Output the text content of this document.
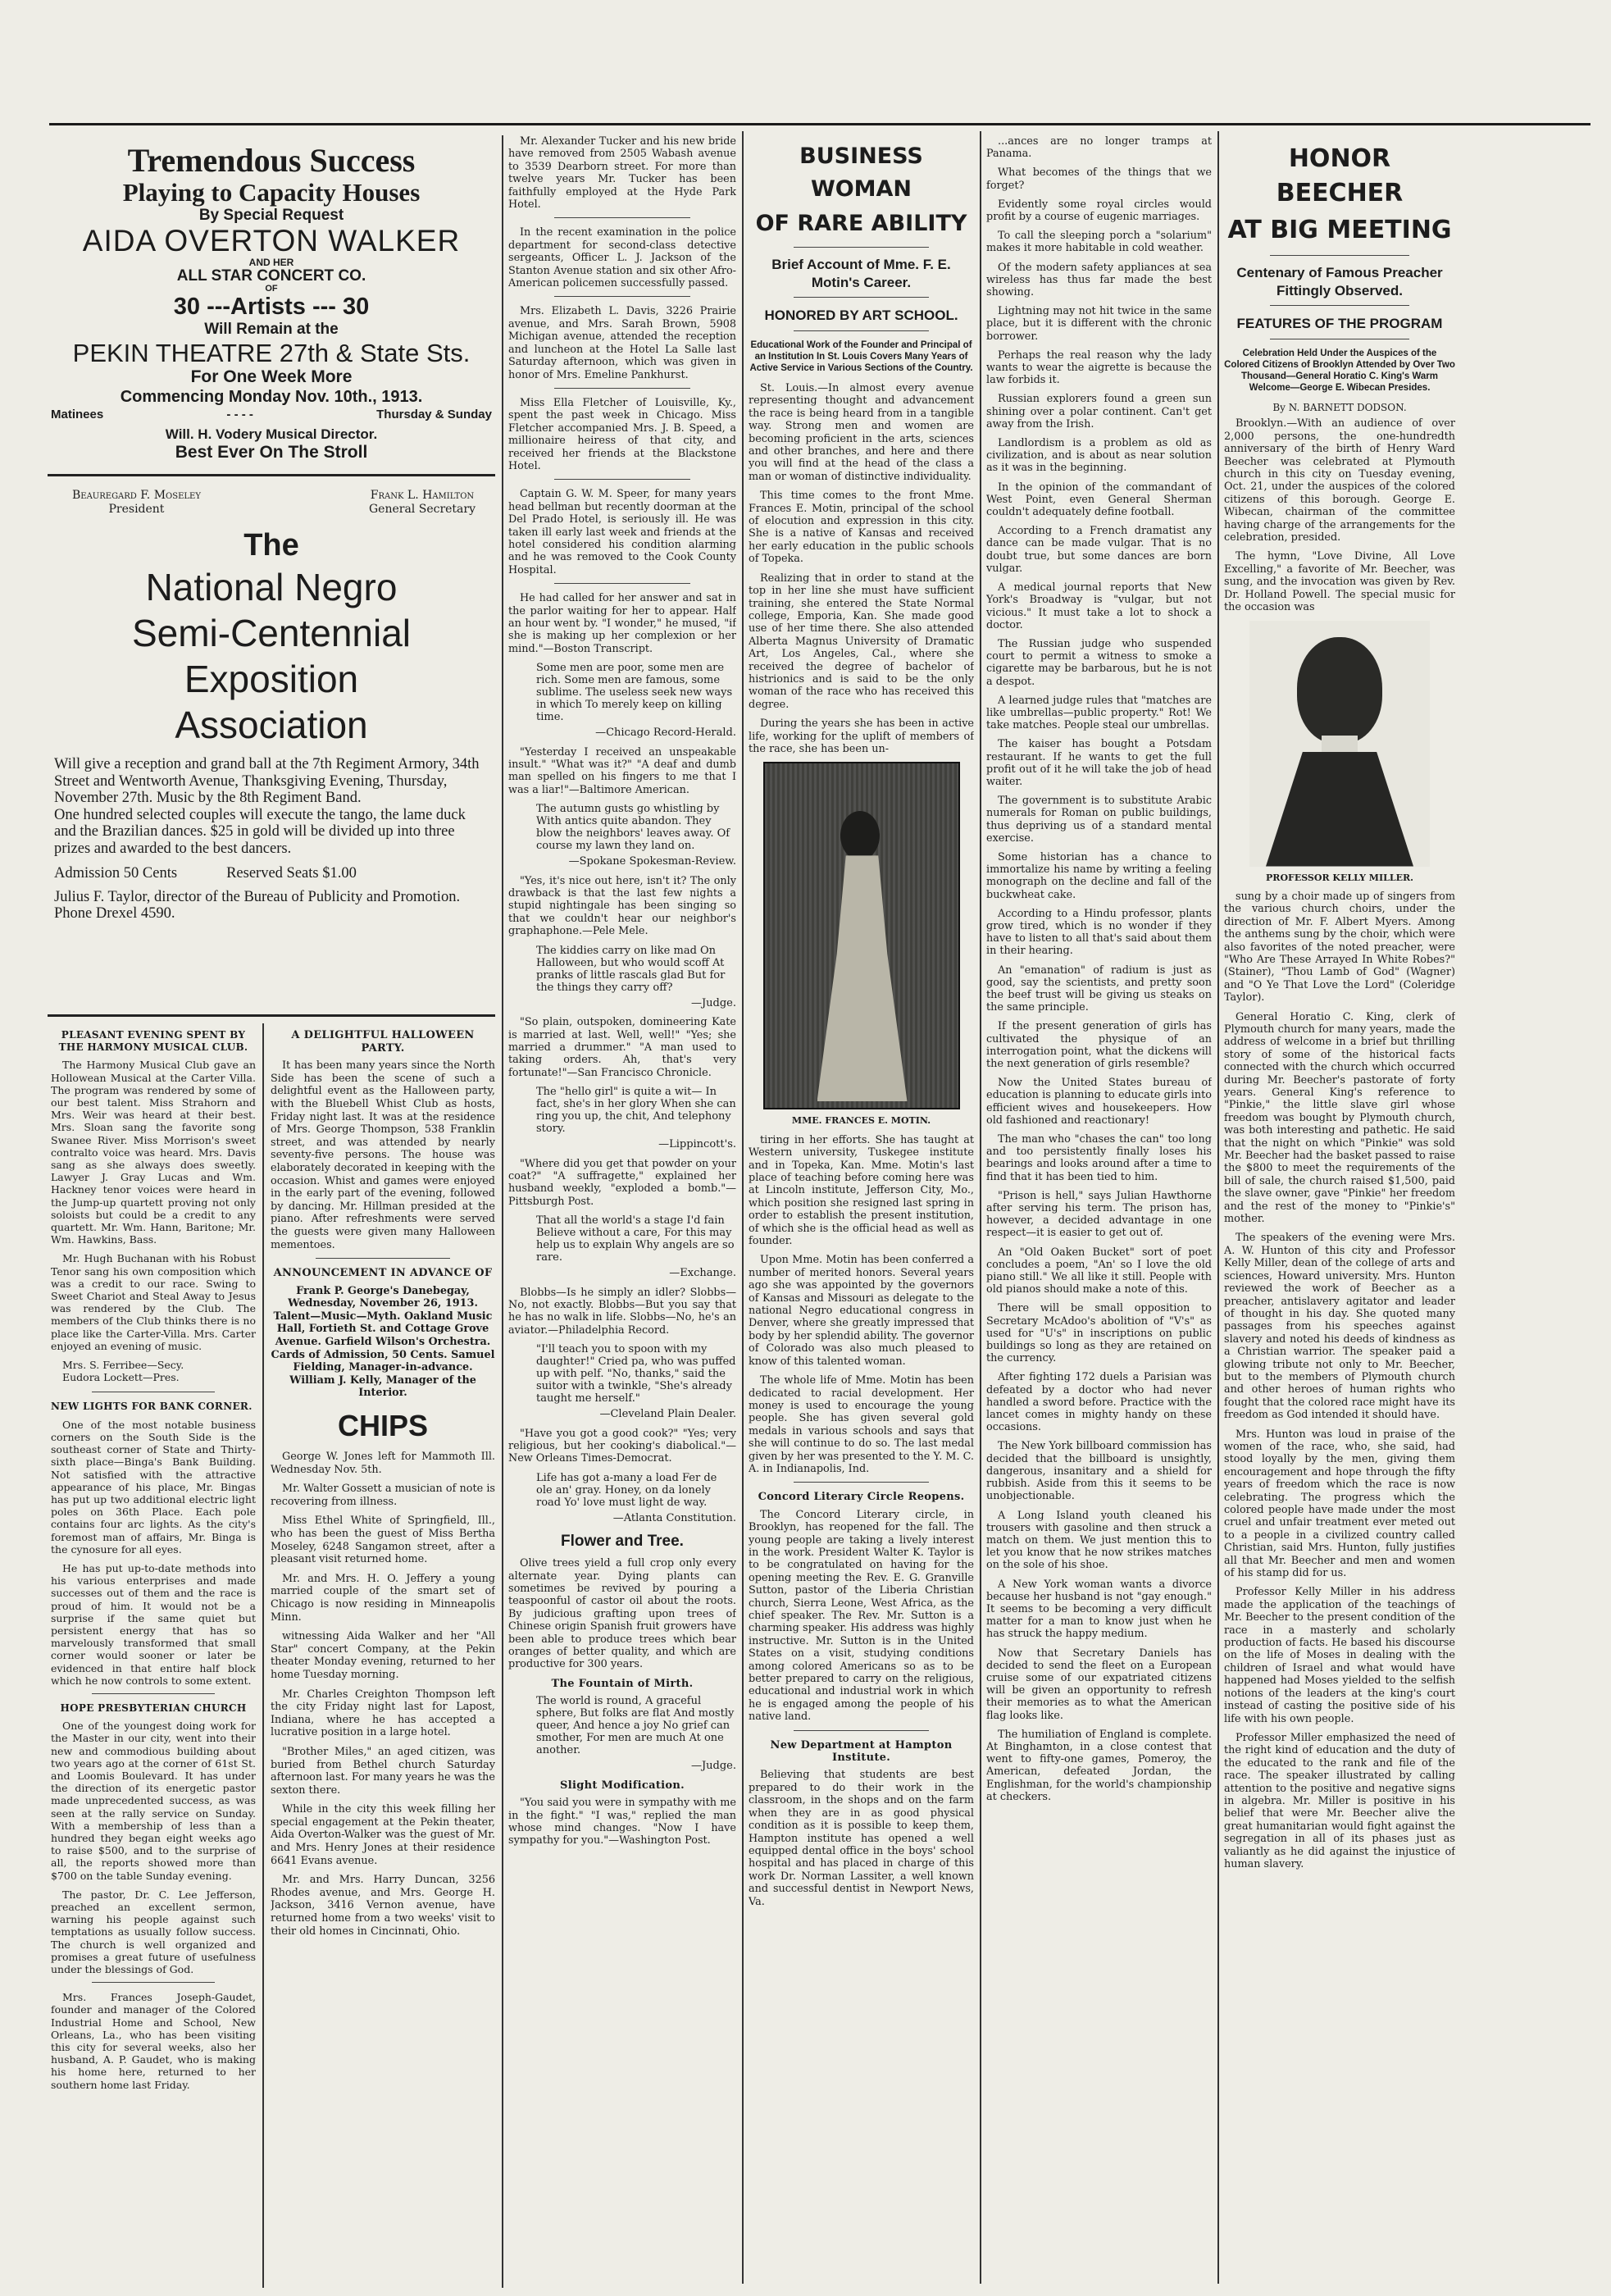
Tremendous Success
Playing to Capacity Houses
By Special Request
AIDA OVERTON WALKER
AND HER
ALL STAR CONCERT CO.
OF
30 ---Artists --- 30
Will Remain at the
PEKIN THEATRE 27th & State Sts.
For One Week More
Commencing Monday Nov. 10th., 1913.
Matinees	- - - -	Thursday & Sunday
Will. H. Vodery Musical Director.
Best Ever On The Stroll
Beauregard F. Moseley
President
Frank L. Hamilton
General Secretary
The
National Negro
Semi-Centennial
Exposition
Association
Will give a reception and grand ball at the 7th Regiment Armory, 34th Street and Wentworth Avenue, Thanksgiving Evening, Thursday, November 27th. Music by the 8th Regiment Band.
One hundred selected couples will execute the tango, the lame duck and the Brazilian dances. $25 in gold will be divided up into three prizes and awarded to the best dancers.
Admission 50 Cents	Reserved Seats $1.00
Julius F. Taylor, director of the Bureau of Publicity and Promotion. Phone Drexel 4590.
PLEASANT EVENING SPENT BY THE HARMONY MUSICAL CLUB.

The Harmony Musical Club gave an Hollowean Musical at the Carter Villa. The program was rendered by some of our best talent. Miss Strahorn and Mrs. Weir was heard at their best. Mrs. Sloan sang the favorite song Swanee River. Miss Morrison's sweet contralto voice was heard. Mrs. Davis sang as she always does sweetly. Lawyer J. Gray Lucas and Wm. Hackney tenor voices were heard in the Jump-up quartett proving not only soloists but could be a credit to any quartett. Mr. Wm. Hann, Baritone; Mr. Wm. Hawkins, Bass.

Mr. Hugh Buchanan with his Robust Tenor sang his own composition which was a credit to our race. Swing to Sweet Chariot and Steal Away to Jesus was rendered by the Club. The members of the Club thinks there is no place like the Carter-Villa. Mrs. Carter enjoyed an evening of music.

Mrs. S. Ferribee—Secy.
Eudora Lockett—Pres.
NEW LIGHTS FOR BANK CORNER.

One of the most notable business corners on the South Side is the southeast corner of State and Thirty-sixth place—Binga's Bank Building. Not satisfied with the attractive appearance of his place, Mr. Bingas has put up two additional electric light poles on 36th Place. Each pole contains four arc lights. As the city's foremost man of affairs, Mr. Binga is the cynosure for all eyes.

He has put up-to-date methods into his various enterprises and made successes out of them and the race is proud of him. It would not be a surprise if the same quiet but persistent energy that has so marvelously transformed that small corner would sooner or later be evidenced in that entire half block which he now controls to some extent.

HOPE PRESBYTERIAN CHURCH

One of the youngest doing work for the Master in our city, went into their new and commodious building about two years ago at the corner of 61st St. and Loomis Boulevard. It has under the direction of its energetic pastor made unprecedented success, as was seen at the rally service on Sunday. With a membership of less than a hundred they began eight weeks ago to raise $500, and to the surprise of all, the reports showed more than $700 on the table Sunday evening.

The pastor, Dr. C. Lee Jefferson, preached an excellent sermon, warning his people against such temptations as usually follow success. The church is well organized and promises a great future of usefulness under the blessings of God.

Mrs. Frances Joseph-Gaudet, founder and manager of the Colored Industrial Home and School, New Orleans, La., who has been visiting this city for several weeks, also her husband, A. P. Gaudet, who is making his home here, returned to her southern home last Friday.

A DELIGHTFUL HALLOWEEN PARTY.

It has been many years since the North Side has been the scene of such a delightful event as the Halloween party, with the Bluebell Whist Club as hosts, Friday night last. It was at the residence of Mrs. George Thompson, 538 Franklin street, and was attended by nearly seventy-five persons. The house was elaborately decorated in keeping with the occasion. Whist and games were enjoyed in the early part of the evening, followed by dancing. Mr. Hillman presided at the piano. After refreshments were served the guests were given many Halloween mementoes.

ANNOUNCEMENT IN ADVANCE OF

Frank P. George's Danebegay, Wednesday, November 26, 1913. Talent—Music—Myth. Oakland Music Hall, Fortieth St. and Cottage Grove Avenue. Garfield Wilson's Orchestra. Cards of Admission, 50 Cents. Samuel Fielding, Manager-in-advance. William J. Kelly, Manager of the Interior.

CHIPS

George W. Jones left for Mammoth Ill. Wednesday Nov. 5th.

Mr. Walter Gossett a musician of note is recovering from illness.

Miss Ethel White of Springfield, Ill., who has been the guest of Miss Bertha Moseley, 6248 Sangamon street, after a pleasant visit returned home.

Mr. and Mrs. H. O. Jeffery a young married couple of the smart set of Chicago is now residing in Minneapolis Minn.

witnessing Aida Walker and her "All Star" concert Company, at the Pekin theater Monday evening, returned to her home Tuesday morning.

Mr. Charles Creighton Thompson left the city Friday night last for Lapost, Indiana, where he has accepted a lucrative position in a large hotel.

"Brother Miles," an aged citizen, was buried from Bethel church Saturday afternoon last. For many years he was the sexton there.

While in the city this week filling her special engagement at the Pekin theater, Aida Overton-Walker was the guest of Mr. and Mrs. Henry Jones at their residence 6641 Evans avenue.

Mr. and Mrs. Harry Duncan, 3256 Rhodes avenue, and Mrs. George H. Jackson, 3416 Vernon avenue, have returned home from a two weeks' visit to their old homes in Cincinnati, Ohio.

Mr. Alexander Tucker and his new bride have removed from 2505 Wabash avenue to 3539 Dearborn street. For more than twelve years Mr. Tucker has been faithfully employed at the Hyde Park Hotel.

In the recent examination in the police department for second-class detective sergeants, Officer L. J. Jackson of the Stanton Avenue station and six other Afro-American policemen successfully passed.

Mrs. Elizabeth L. Davis, 3226 Prairie avenue, and Mrs. Sarah Brown, 5908 Michigan avenue, attended the reception and luncheon at the Hotel La Salle last Saturday afternoon, which was given in honor of Mrs. Emeline Pankhurst.

Miss Ella Fletcher of Louisville, Ky., spent the past week in Chicago. Miss Fletcher accompanied Mrs. J. B. Speed, a millionaire heiress of that city, and received her friends at the Blackstone Hotel.

Captain G. W. M. Speer, for many years head bellman but recently doorman at the Del Prado Hotel, is seriously ill. He was taken ill early last week and friends at the hotel considered his condition alarming and he was removed to the Cook County Hospital.

He had called for her answer and sat in the parlor waiting for her to appear. Half an hour went by. "I wonder," he mused, "if she is making up her complexion or her mind."—Boston Transcript.

Some men are poor, some men are rich. Some men are famous, some sublime. The useless seek new ways in which To merely keep on killing time.
—Chicago Record-Herald.

"Yesterday I received an unspeakable insult." "What was it?" "A deaf and dumb man spelled on his fingers to me that I was a liar!"—Baltimore American.

The autumn gusts go whistling by With antics quite abandon. They blow the neighbors' leaves away. Of course my lawn they land on.
—Spokane Spokesman-Review.

"Yes, it's nice out here, isn't it? The only drawback is that the last few nights a stupid nightingale has been singing so that we couldn't hear our neighbor's graphaphone.—Pele Mele.

The kiddies carry on like mad On Halloween, but who would scoff At pranks of little rascals glad But for the things they carry off?
—Judge.

"So plain, outspoken, domineering Kate is married at last. Well, well!" "Yes; she married a drummer." "A man used to taking orders. Ah, that's very fortunate!"—San Francisco Chronicle.

The "hello girl" is quite a wit— In fact, she's in her glory When she can ring you up, the chit, And telephony story.
—Lippincott's.

"Where did you get that powder on your coat?" "A suffragette," explained her husband weekly, "exploded a bomb."—Pittsburgh Post.

That all the world's a stage I'd fain Believe without a care, For this may help us to explain Why angels are so rare.
—Exchange.

Blobbs—Is he simply an idler? Slobbs—No, not exactly. Blobbs—But you say that he has no walk in life. Slobbs—No, he's an aviator.—Philadelphia Record.

"I'll teach you to spoon with my daughter!" Cried pa, who was puffed up with pelf. "No, thanks," said the suitor with a twinkle, "She's already taught me herself."
—Cleveland Plain Dealer.

"Have you got a good cook?" "Yes; very religious, but her cooking's diabolical."—New Orleans Times-Democrat.

Life has got a-many a load Fer de ole an' gray. Honey, on da lonely road Yo' love must light de way.
—Atlanta Constitution.
Flower and Tree.

Olive trees yield a full crop only every alternate year. Dying plants can sometimes be revived by pouring a teaspoonful of castor oil about the roots. By judicious grafting upon trees of Chinese origin Spanish fruit growers have been able to produce trees which bear oranges of better quality, and which are productive for 300 years.

The Fountain of Mirth.
The world is round, A graceful sphere, But folks are flat And mostly queer, And hence a joy No grief can smother, For men are much At one another.
—Judge.
Slight Modification.

"You said you were in sympathy with me in the fight." "I was," replied the man whose mind changes. "Now I have sympathy for you."—Washington Post.

BUSINESS WOMAN
OF RARE ABILITY
Brief Account of Mme. F. E. Motin's Career.
HONORED BY ART SCHOOL.
Educational Work of the Founder and Principal of an Institution In St. Louis Covers Many Years of Active Service in Various Sections of the Country.

St. Louis.—In almost every avenue representing thought and advancement the race is being heard from in a tangible way. Strong men and women are becoming proficient in the arts, sciences and other branches, and here and there you will find at the head of the class a man or woman of distinctive individuality.

This time comes to the front Mme. Frances E. Motin, principal of the school of elocution and expression in this city. She is a native of Kansas and received her early education in the public schools of Topeka.

Realizing that in order to stand at the top in her line she must have sufficient training, she entered the State Normal college, Emporia, Kan. She made good use of her time there. She also attended Alberta Magnus University of Dramatic Art, Los Angeles, Cal., where she received the degree of bachelor of histrionics and is said to be the only woman of the race who has received this degree.

During the years she has been in active life, working for the uplift of members of the race, she has been un-

MME. FRANCES E. MOTIN.

tiring in her efforts. She has taught at Western university, Tuskegee institute and in Topeka, Kan. Mme. Motin's last place of teaching before coming here was at Lincoln institute, Jefferson City, Mo., which position she resigned last spring in order to establish the present institution, of which she is the official head as well as founder.

Upon Mme. Motin has been conferred a number of merited honors. Several years ago she was appointed by the governors of Kansas and Missouri as delegate to the national Negro educational congress in Denver, where she greatly impressed that body by her splendid ability. The governor of Colorado was also much pleased to know of this talented woman.

The whole life of Mme. Motin has been dedicated to racial development. Her money is used to encourage the young people. She has given several gold medals in various schools and says that she will continue to do so. The last medal given by her was presented to the Y. M. C. A. in Indianapolis, Ind.

Concord Literary Circle Reopens.

The Concord Literary circle, in Brooklyn, has reopened for the fall. The young people are taking a lively interest in the work. President Walter K. Taylor is to be congratulated on having for the opening meeting the Rev. E. G. Granville Sutton, pastor of the Liberia Christian church, Sierra Leone, West Africa, as the chief speaker. The Rev. Mr. Sutton is a charming speaker. His address was highly instructive. Mr. Sutton is in the United States on a visit, studying conditions among colored Americans so as to be better prepared to carry on the religious, educational and industrial work in which he is engaged among the people of his native land.

New Department at Hampton Institute.

Believing that students are best prepared to do their work in the classroom, in the shops and on the farm when they are in as good physical condition as it is possible to keep them, Hampton institute has opened a well equipped dental office in the boys' school hospital and has placed in charge of this work Dr. Norman Lassiter, a well known and successful dentist in Newport News, Va.

...ances are no longer tramps at Panama.

What becomes of the things that we forget?

Evidently some royal circles would profit by a course of eugenic marriages.

To call the sleeping porch a "solarium" makes it more habitable in cold weather.

Of the modern safety appliances at sea wireless has thus far made the best showing.

Lightning may not hit twice in the same place, but it is different with the chronic borrower.

Perhaps the real reason why the lady wants to wear the aigrette is because the law forbids it.

Russian explorers found a green sun shining over a polar continent. Can't get away from the Irish.

Landlordism is a problem as old as civilization, and is about as near solution as it was in the beginning.

In the opinion of the commandant of West Point, even General Sherman couldn't adequately define football.

According to a French dramatist any dance can be made vulgar. That is no doubt true, but some dances are born vulgar.

A medical journal reports that New York's Broadway is "vulgar, but not vicious." It must take a lot to shock a doctor.

The Russian judge who suspended court to permit a witness to smoke a cigarette may be barbarous, but he is not a despot.

A learned judge rules that "matches are like umbrellas—public property." Rot! We take matches. People steal our umbrellas.

The kaiser has bought a Potsdam restaurant. If he wants to get the full profit out of it he will take the job of head waiter.

The government is to substitute Arabic numerals for Roman on public buildings, thus depriving us of a standard mental exercise.

Some historian has a chance to immortalize his name by writing a feeling monograph on the decline and fall of the buckwheat cake.

According to a Hindu professor, plants grow tired, which is no wonder if they have to listen to all that's said about them in their hearing.

An "emanation" of radium is just as good, say the scientists, and pretty soon the beef trust will be giving us steaks on the same principle.

If the present generation of girls has cultivated the physique of an interrogation point, what the dickens will the next generation of girls resemble?

Now the United States bureau of education is planning to educate girls into efficient wives and housekeepers. How old fashioned and reactionary!

The man who "chases the can" too long and too persistently finally loses his bearings and looks around after a time to find that it has been tied to him.

"Prison is hell," says Julian Hawthorne after serving his term. The prison has, however, a decided advantage in one respect—it is easier to get out of.

An "Old Oaken Bucket" sort of poet concludes a poem, "An' so I love the old piano still." We all like it still. People with old pianos should make a note of this.

There will be small opposition to Secretary McAdoo's abolition of "V's" as used for "U's" in inscriptions on public buildings so long as they are retained on the currency.

After fighting 172 duels a Parisian was defeated by a doctor who had never handled a sword before. Practice with the lancet comes in mighty handy on these occasions.

The New York billboard commission has decided that the billboard is unsightly, dangerous, insanitary and a shield for rubbish. Aside from this it seems to be unobjectionable.

A Long Island youth cleaned his trousers with gasoline and then struck a match on them. We just mention this to let you know that he now strikes matches on the sole of his shoe.

A New York woman wants a divorce because her husband is not "gay enough." It seems to be becoming a very difficult matter for a man to know just when he has struck the happy medium.

Now that Secretary Daniels has decided to send the fleet on a European cruise some of our expatriated citizens will be given an opportunity to refresh their memories as to what the American flag looks like.

The humiliation of England is complete. At Binghamton, in a close contest that went to fifty-one games, Pomeroy, the American, defeated Jordan, the Englishman, for the world's championship at checkers.

HONOR BEECHER
AT BIG MEETING
Centenary of Famous Preacher Fittingly Observed.
FEATURES OF THE PROGRAM
Celebration Held Under the Auspices of the Colored Citizens of Brooklyn Attended by Over Two Thousand—General Horatio C. King's Warm Welcome—George E. Wibecan Presides.
By N. BARNETT DODSON.

Brooklyn.—With an audience of over 2,000 persons, the one-hundredth anniversary of the birth of Henry Ward Beecher was celebrated at Plymouth church in this city on Tuesday evening, Oct. 21, under the auspices of the colored citizens of this borough. George E. Wibecan, chairman of the committee having charge of the arrangements for the celebration, presided.

The hymn, "Love Divine, All Love Excelling," a favorite of Mr. Beecher, was sung, and the invocation was given by Rev. Dr. Holland Powell. The special music for the occasion was

PROFESSOR KELLY MILLER.

sung by a choir made up of singers from the various church choirs, under the direction of Mr. F. Albert Myers. Among the anthems sung by the choir, which were also favorites of the noted preacher, were "Who Are These Arrayed In White Robes?" (Stainer), "Thou Lamb of God" (Wagner) and "O Ye That Love the Lord" (Coleridge Taylor).

General Horatio C. King, clerk of Plymouth church for many years, made the address of welcome in a brief but thrilling story of some of the historical facts connected with the church which occurred during Mr. Beecher's pastorate of forty years. General King's reference to "Pinkie," the little slave girl whose freedom was bought by Plymouth church, was both interesting and pathetic. He said that the night on which "Pinkie" was sold Mr. Beecher had the basket passed to raise the $800 to meet the requirements of the bill of sale, the church raised $1,500, paid the slave owner, gave "Pinkie" her freedom and the rest of the money to "Pinkie's" mother.

The speakers of the evening were Mrs. A. W. Hunton of this city and Professor Kelly Miller, dean of the college of arts and sciences, Howard university. Mrs. Hunton reviewed the work of Beecher as a preacher, antislavery agitator and leader of thought in his day. She quoted many passages from his speeches against slavery and noted his deeds of kindness as a Christian warrior. The speaker paid a glowing tribute not only to Mr. Beecher, but to the members of Plymouth church and other heroes of human rights who fought that the colored race might have its freedom as God intended it should have.

Mrs. Hunton was loud in praise of the women of the race, who, she said, had stood loyally by the men, giving them encouragement and hope through the fifty years of freedom which the race is now celebrating. The progress which the colored people have made under the most cruel and unfair treatment ever meted out to a people in a civilized country called Christian, said Mrs. Hunton, fully justifies all that Mr. Beecher and men and women of his stamp did for us.

Professor Kelly Miller in his address made the application of the teachings of Mr. Beecher to the present condition of the race in a masterly and scholarly production of facts. He based his discourse on the life of Moses in dealing with the children of Israel and what would have happened had Moses yielded to the selfish notions of the leaders at the king's court instead of casting the positive side of his life with his own people.

Professor Miller emphasized the need of the right kind of education and the duty of the educated to the rank and file of the race. The speaker illustrated by calling attention to the positive and negative signs in algebra. Mr. Miller is positive in his belief that were Mr. Beecher alive the great humanitarian would fight against the segregation in all of its phases just as valiantly as he did against the injustice of human slavery.
